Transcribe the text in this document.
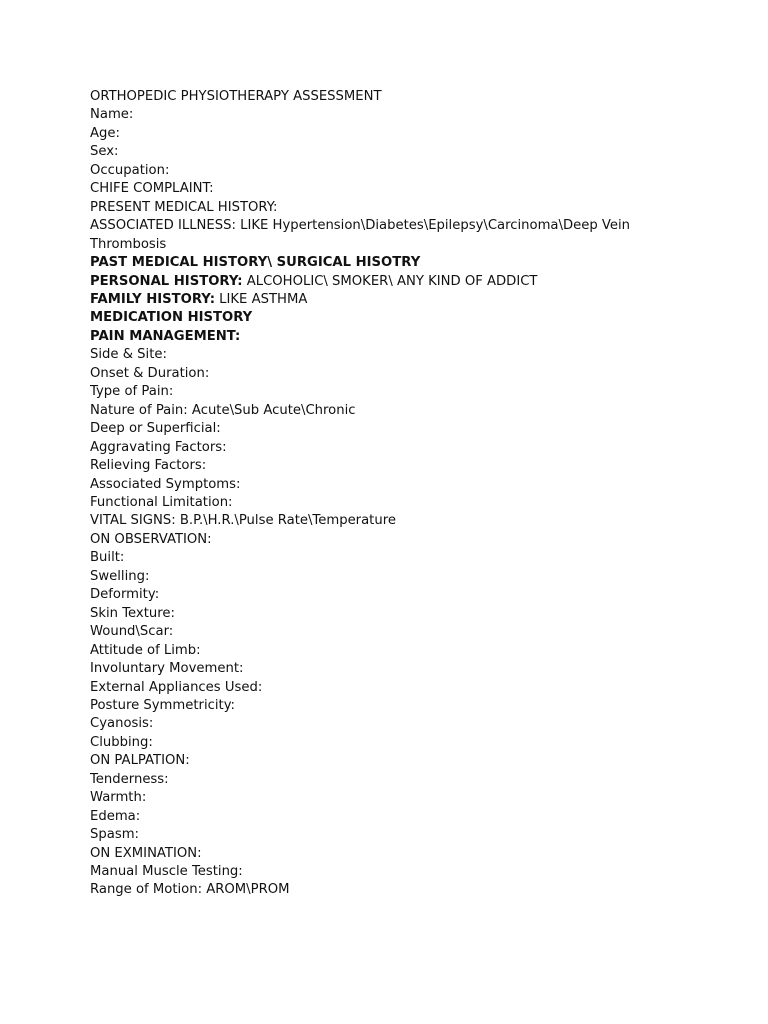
ORTHOPEDIC PHYSIOTHERAPY ASSESSMENT

Name:

Age:

Sex:

Occupation:

CHIFE COMPLAINT:

PRESENT MEDICAL HISTORY:

ASSOCIATED ILLNESS: LIKE Hypertension\Diabetes\Epilepsy\Carcinoma\Deep Vein Thrombosis

PAST MEDICAL HISTORY\ SURGICAL HISOTRY

PERSONAL HISTORY: ALCOHOLIC\ SMOKER\ ANY KIND OF ADDICT

FAMILY HISTORY: LIKE ASTHMA

MEDICATION HISTORY

PAIN MANAGEMENT:

Side & Site:

Onset & Duration:

Type of Pain:

Nature of Pain: Acute\Sub Acute\Chronic

Deep or Superficial:

Aggravating Factors:

Relieving Factors:

Associated Symptoms:

Functional Limitation:

VITAL SIGNS: B.P.\H.R.\Pulse Rate\Temperature

ON OBSERVATION:

Built:

Swelling:

Deformity:

Skin Texture:

Wound\Scar:

Attitude of Limb:

Involuntary Movement:

External Appliances Used:

Posture Symmetricity:

Cyanosis:

Clubbing:

ON PALPATION:

Tenderness:

Warmth:

Edema:

Spasm:

ON EXMINATION:

Manual Muscle Testing:

Range of Motion: AROM\PROM
